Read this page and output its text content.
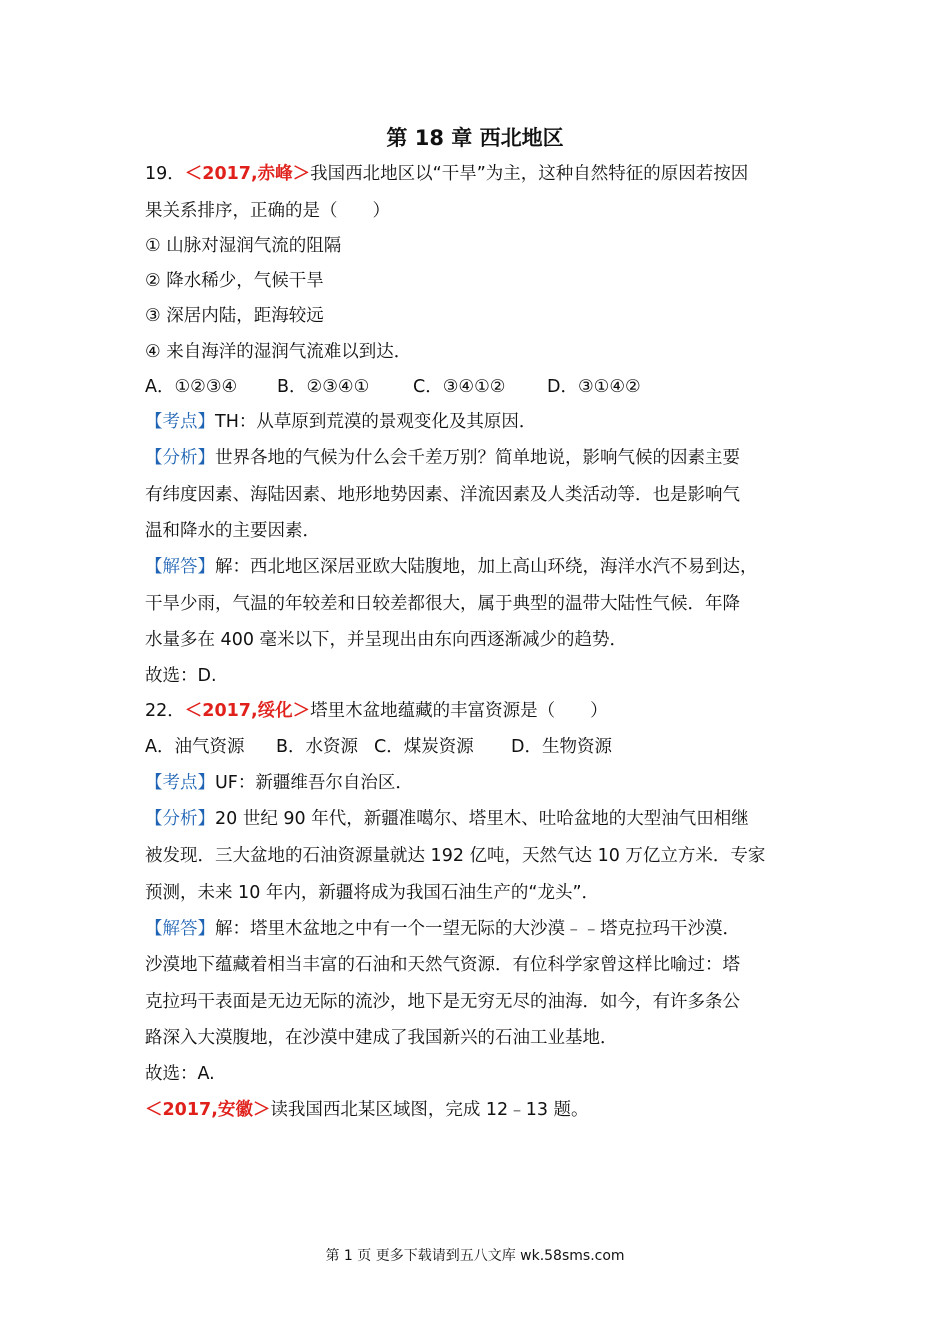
第 18 章 西北地区
19．＜2017,赤峰＞我国西北地区以“干旱”为主，这种自然特征的原因若按因
果关系排序，正确的是（　　）
① 山脉对湿润气流的阻隔
② 降水稀少，气候干旱
③ 深居内陆，距海较远
④ 来自海洋的湿润气流难以到达．
A．①②③④ B．②③④① C．③④①② D．③①④②
【考点】TH：从草原到荒漠的景观变化及其原因．
【分析】世界各地的气候为什么会千差万别？简单地说，影响气候的因素主要
有纬度因素、海陆因素、地形地势因素、洋流因素及人类活动等．也是影响气
温和降水的主要因素．
【解答】解：西北地区深居亚欧大陆腹地，加上高山环绕，海洋水汽不易到达，
干旱少雨，气温的年较差和日较差都很大，属于典型的温带大陆性气候．年降
水量多在 400 毫米以下，并呈现出由东向西逐渐减少的趋势．
故选：D.
22．＜2017,绥化＞塔里木盆地蕴藏的丰富资源是（　　）
A．油气资源 B．水资源 C．煤炭资源 D．生物资源
【考点】UF：新疆维吾尔自治区．
【分析】20 世纪 90 年代，新疆准噶尔、塔里木、吐哈盆地的大型油气田相继
被发现．三大盆地的石油资源量就达 192 亿吨，天然气达 10 万亿立方米．专家
预测，未来 10 年内，新疆将成为我国石油生产的“龙头”．
【解答】解：塔里木盆地之中有一个一望无际的大沙漠﹣﹣塔克拉玛干沙漠．
沙漠地下蕴藏着相当丰富的石油和天然气资源．有位科学家曾这样比喻过：塔
克拉玛干表面是无边无际的流沙，地下是无穷无尽的油海．如今，有许多条公
路深入大漠腹地，在沙漠中建成了我国新兴的石油工业基地．
故选：A.
＜2017,安徽＞读我国西北某区域图，完成 12﹣13 题。
第 1 页 更多下载请到五八文库 wk.58sms.com
